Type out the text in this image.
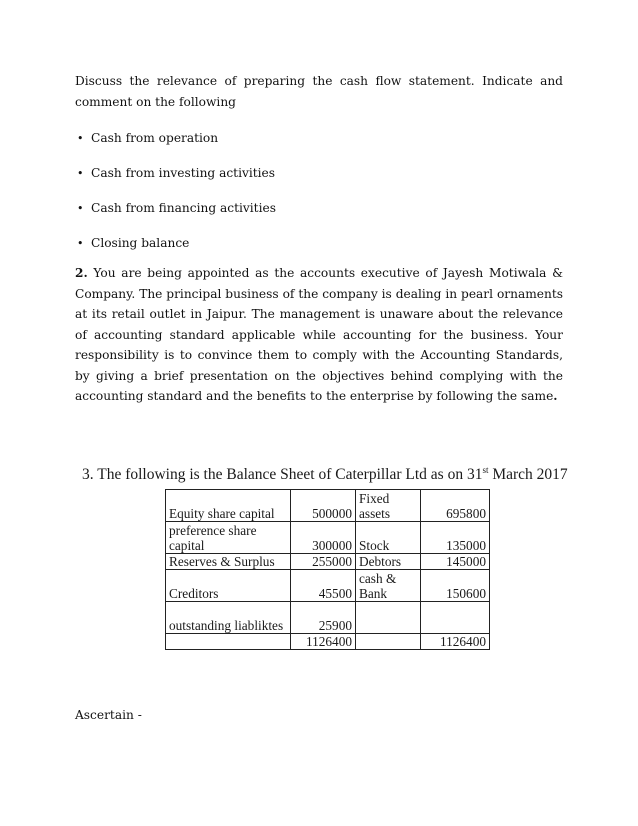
Discuss the relevance of preparing the cash flow statement. Indicate and comment on the following
• Cash from operation
• Cash from investing activities
• Cash from financing activities
• Closing balance
2. You are being appointed as the accounts executive of Jayesh Motiwala & Company. The principal business of the company is dealing in pearl ornaments at its retail outlet in Jaipur. The management is unaware about the relevance of accounting standard applicable while accounting for the business. Your responsibility is to convince them to comply with the Accounting Standards, by giving a brief presentation on the objectives behind complying with the accounting standard and the benefits to the enterprise by following the same.
3. The following is the Balance Sheet of Caterpillar Ltd as on 31st March 2017
Equity share capital	500000	Fixed assets	695800
preference share capital	300000	Stock	135000
Reserves & Surplus	255000	Debtors	145000
Creditors	45500	cash & Bank	150600
outstanding liabliktes	25900		
	1126400		1126400
Ascertain -
